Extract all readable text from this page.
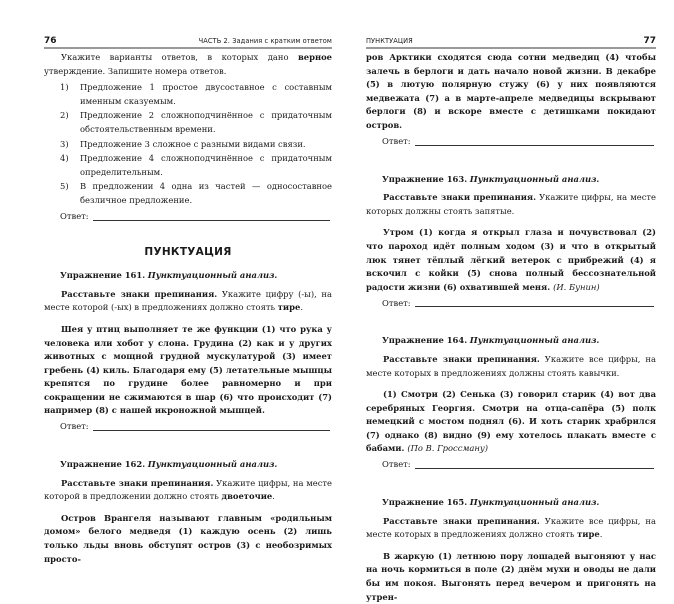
76	ЧАСТЬ 2. Задания с кратким ответом

Укажите варианты ответов, в которых дано верное утверждение. Запишите номера ответов.

1) Предложение 1 простое двусоставное с составным именным сказуемым.
2) Предложение 2 сложноподчинённое с придаточным обстоятельственным времени.
3) Предложение 3 сложное с разными видами связи.
4) Предложение 4 сложноподчинённое с придаточным определительным.
5) В предложении 4 одна из частей — односоставное безличное предложение.
Ответ:
ПУНКТУАЦИЯ

Упражнение 161. Пунктуационный анализ.

Расставьте знаки препинания. Укажите цифру (-ы), на месте которой (-ых) в предложениях должно стоять тире.

Шея у птиц выполняет те же функции (1) что рука у человека или хобот у слона. Грудина (2) как и у других животных с мощной грудной мускулатурой (3) имеет гребень (4) киль. Благодаря ему (5) летательные мышцы крепятся по грудине более равномерно и при сокращении не сжимаются в шар (6) что происходит (7) например (8) с нашей икроножной мышцей.

Ответ:

Упражнение 162. Пунктуационный анализ.

Расставьте знаки препинания. Укажите цифры, на месте которой в предложении должно стоять двоеточие.

Остров Врангеля называют главным «родильным домом» белого медведя (1) каждую осень (2) лишь только льды вновь обступят остров (3) с необозримых просто-

ПУНКТУАЦИЯ	77

ров Арктики сходятся сюда сотни медведиц (4) чтобы залечь в берлоги и дать начало новой жизни. В декабре (5) в лютую полярную стужу (6) у них появляются медвежата (7) а в марте-апреле медведицы вскрывают берлоги (8) и вскоре вместе с детишками покидают остров.

Ответ:

Упражнение 163. Пунктуационный анализ.

Расставьте знаки препинания. Укажите цифры, на месте которых должны стоять запятые.

Утром (1) когда я открыл глаза и почувствовал (2) что пароход идёт полным ходом (3) и что в открытый люк тянет тёплый лёгкий ветерок с прибрежий (4) я вскочил с койки (5) снова полный бессознательной радости жизни (6) охватившей меня. (И. Бунин)

Ответ:

Упражнение 164. Пунктуационный анализ.

Расставьте знаки препинания. Укажите все цифры, на месте которых в предложениях должны стоять кавычки.

(1) Смотри (2) Сенька (3) говорил старик (4) вот два серебряных Георгия. Смотри на отца-сапёра (5) полк немецкий с мостом поднял (6). И хоть старик храбрился (7) однако (8) видно (9) ему хотелось плакать вместе с бабами. (По В. Гроссману)

Ответ:

Упражнение 165. Пунктуационный анализ.

Расставьте знаки препинания. Укажите все цифры, на месте которых в предложениях должно стоять тире.

В жаркую (1) летнюю пору лошадей выгоняют у нас на ночь кормиться в поле (2) днём мухи и оводы не дали бы им покоя. Выгонять перед вечером и пригонять на утрен-
